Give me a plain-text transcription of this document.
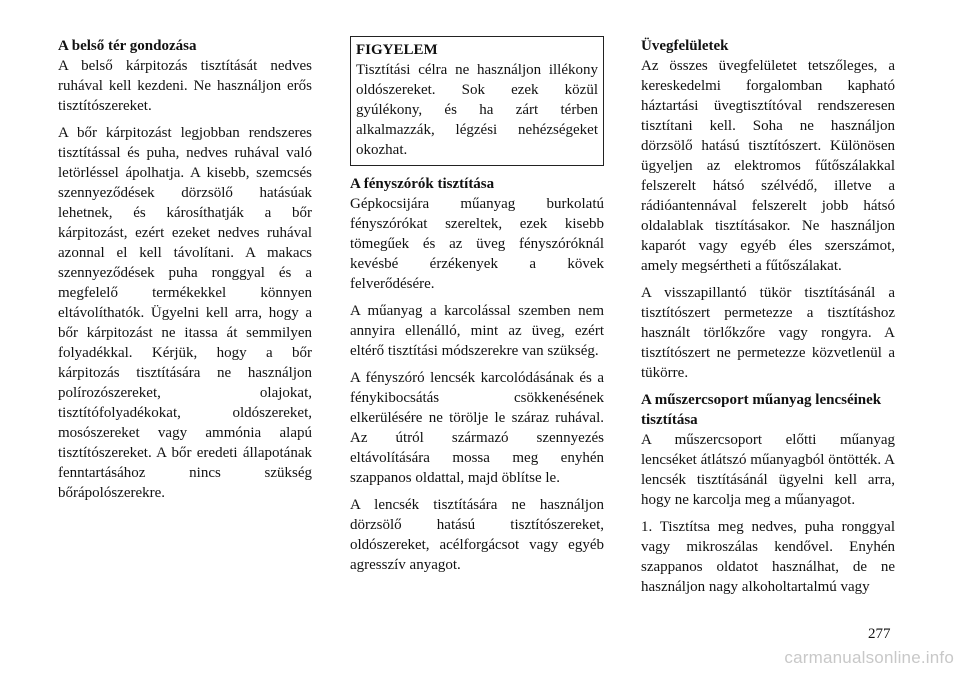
A belső tér gondozása

A belső kárpitozás tisztítását nedves ruhával kell kezdeni. Ne használjon erős tisztítószereket.

A bőr kárpitozást legjobban rendszeres tisztítással és puha, nedves ruhával való letörléssel ápolhatja. A kisebb, szemcsés szennyeződések dörzsölő hatásúak lehetnek, és károsíthatják a bőr kárpitozást, ezért ezeket nedves ruhával azonnal el kell távolítani. A makacs szennyeződések puha ronggyal és a megfelelő termékekkel könnyen eltávolíthatók. Ügyelni kell arra, hogy a bőr kárpitozást ne itassa át semmilyen folyadékkal. Kérjük, hogy a bőr kárpitozás tisztítására ne használjon polírozószereket, olajokat, tisztítófolyadékokat, oldószereket, mosószereket vagy ammónia alapú tisztítószereket. A bőr eredeti állapotának fenntartásához nincs szükség bőrápolószerekre.

FIGYELEM

Tisztítási célra ne használjon illékony oldószereket. Sok ezek közül gyúlékony, és ha zárt térben alkalmazzák, légzési nehézségeket okozhat.

A fényszórók tisztítása

Gépkocsijára műanyag burkolatú fényszórókat szereltek, ezek kisebb tömegűek és az üveg fényszóróknál kevésbé érzékenyek a kövek felverődésére.

A műanyag a karcolással szemben nem annyira ellenálló, mint az üveg, ezért eltérő tisztítási módszerekre van szükség.

A fényszóró lencsék karcolódásának és a fénykibocsátás csökkenésének elkerülésére ne törölje le száraz ruhával. Az útról származó szennyezés eltávolítására mossa meg enyhén szappanos oldattal, majd öblítse le.

A lencsék tisztítására ne használjon dörzsölő hatású tisztítószereket, oldószereket, acélforgácsot vagy egyéb agresszív anyagot.

Üvegfelületek

Az összes üvegfelületet tetszőleges, a kereskedelmi forgalomban kapható háztartási üvegtisztítóval rendszeresen tisztítani kell. Soha ne használjon dörzsölő hatású tisztítószert. Különösen ügyeljen az elektromos fűtőszálakkal felszerelt hátsó szélvédő, illetve a rádióantennával felszerelt jobb hátsó oldalablak tisztításakor. Ne használjon kaparót vagy egyéb éles szerszámot, amely megsértheti a fűtőszálakat.

A visszapillantó tükör tisztításánál a tisztítószert permetezze a tisztításhoz használt törlőkzőre vagy rongyra. A tisztítószert ne permetezze közvetlenül a tükörre.

A műszercsoport műanyag lencséinek tisztítása

A műszercsoport előtti műanyag lencséket átlátszó műanyagból öntötték. A lencsék tisztításánál ügyelni kell arra, hogy ne karcolja meg a műanyagot.

1. Tisztítsa meg nedves, puha ronggyal vagy mikroszálas kendővel. Enyhén szappanos oldatot használhat, de ne használjon nagy alkoholtartalmú vagy

277
carmanualsonline.info
